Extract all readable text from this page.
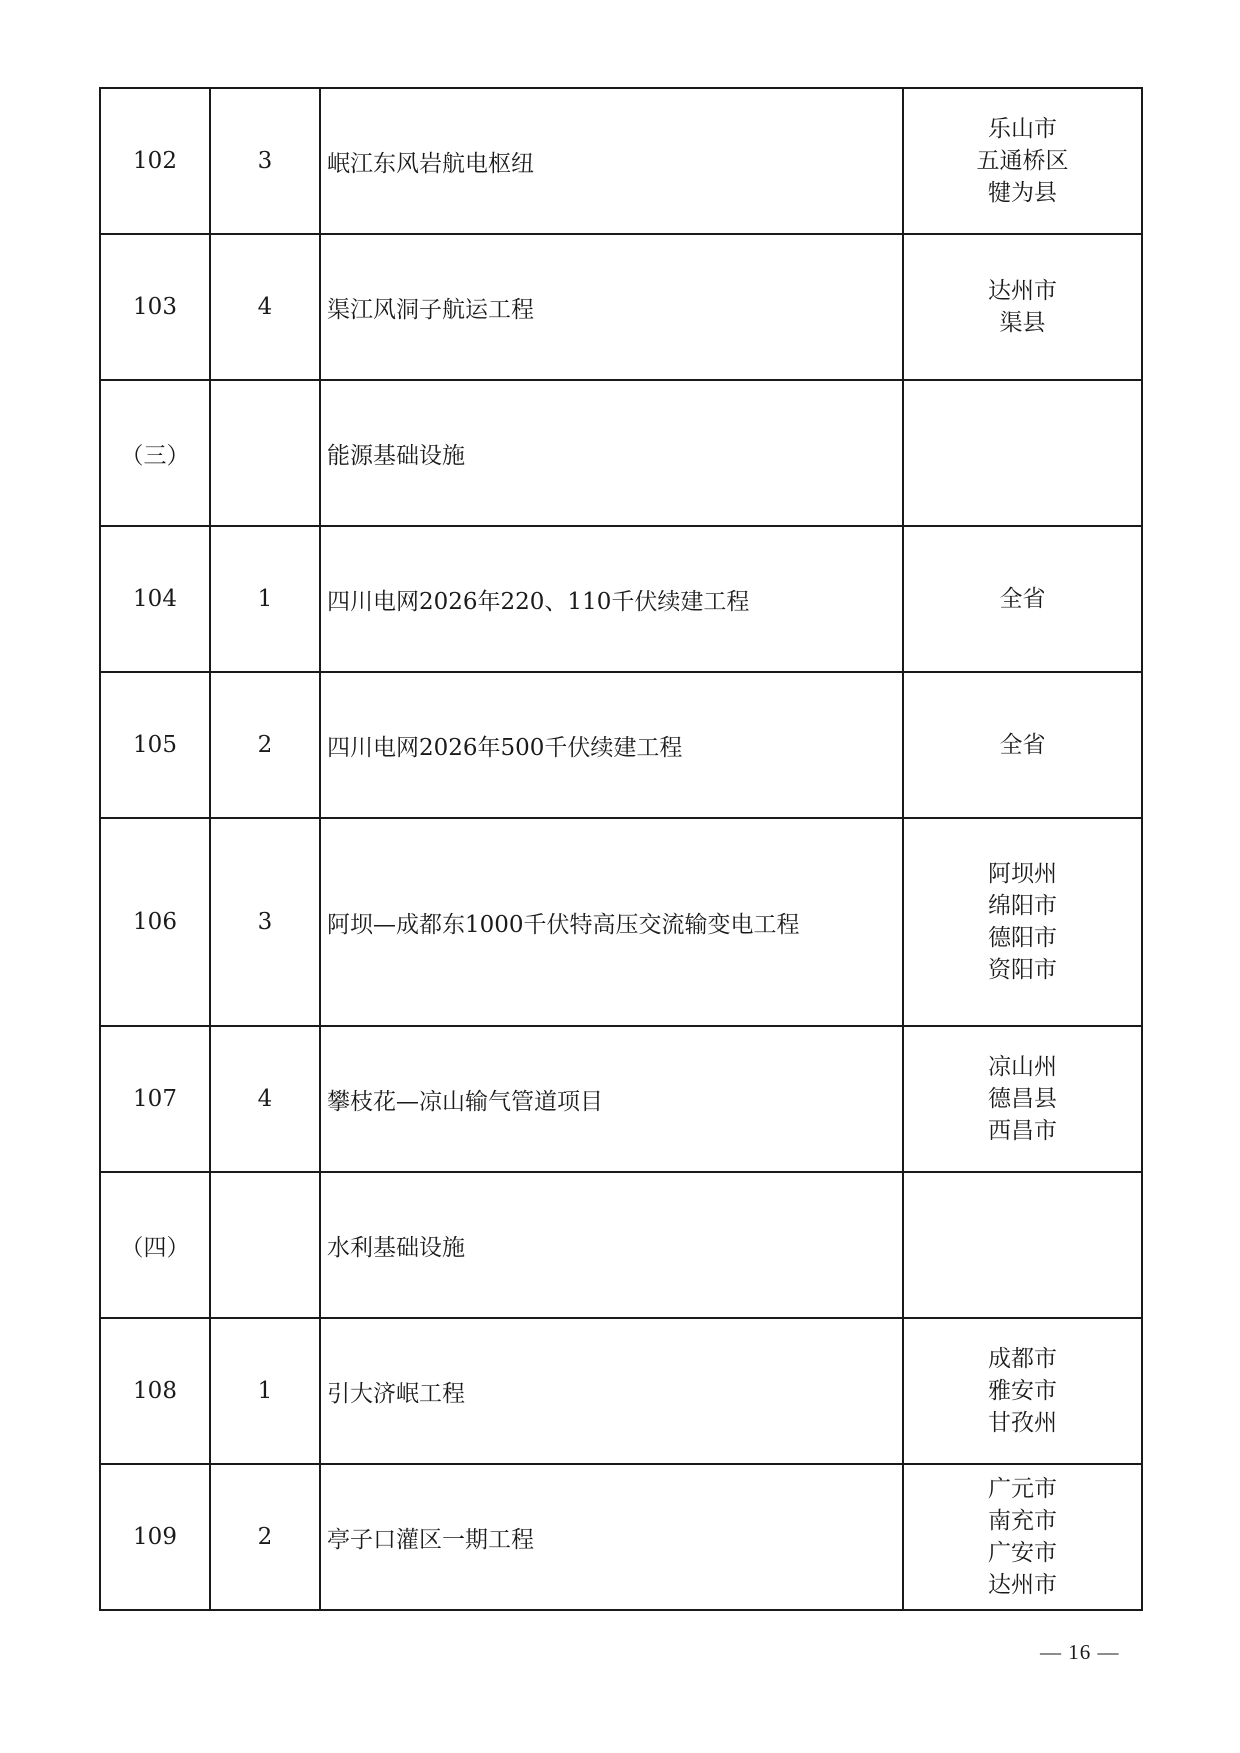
102	3	岷江东风岩航电枢纽	乐山市
五通桥区
犍为县

103	4	渠江风洞子航运工程	达州市
渠县

（三）		能源基础设施	
104	1	四川电网2026年220、110千伏续建工程	全省

105	2	四川电网2026年500千伏续建工程	全省

106	3	阿坝—成都东1000千伏特高压交流输变电工程	阿坝州
绵阳市
德阳市
资阳市

107	4	攀枝花—凉山输气管道项目	凉山州
德昌县
西昌市

（四）		水利基础设施	
108	1	引大济岷工程	成都市
雅安市
甘孜州

109	2	亭子口灌区一期工程	广元市
南充市
广安市
达州市
— 16 —
